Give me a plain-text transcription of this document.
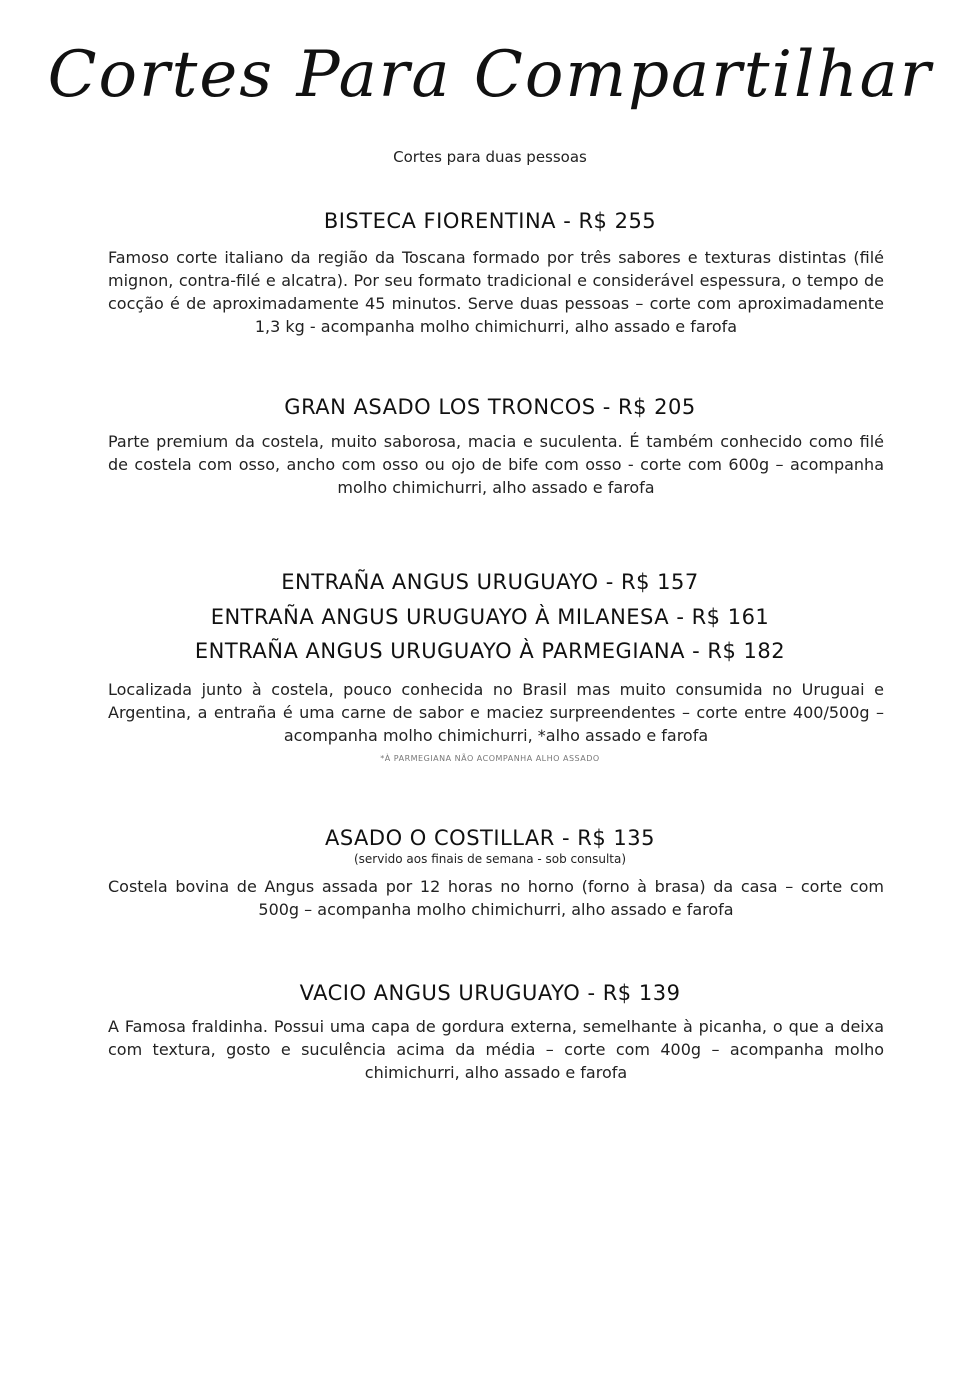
Cortes Para Compartilhar
Cortes para duas pessoas
BISTECA FIORENTINA - R$ 255

Famoso corte italiano da região da Toscana formado por três sabores e texturas distintas (filé mignon, contra-filé e alcatra). Por seu formato tradicional e considerável espessura, o tempo de cocção é de aproximadamente 45 minutos. Serve duas pessoas – corte com aproximadamente 1,3 kg - acompanha molho chimichurri, alho assado e farofa

GRAN ASADO LOS TRONCOS - R$ 205

Parte premium da costela, muito saborosa, macia e suculenta. É também conhecido como filé de costela com osso, ancho com osso ou ojo de bife com osso - corte com 600g – acompanha molho chimichurri, alho assado e farofa

ENTRAÑA ANGUS URUGUAYO - R$ 157
ENTRAÑA ANGUS URUGUAYO À MILANESA - R$ 161
ENTRAÑA ANGUS URUGUAYO À PARMEGIANA - R$ 182

Localizada junto à costela, pouco conhecida no Brasil mas muito consumida no Uruguai e Argentina, a entraña é uma carne de sabor e maciez surpreendentes – corte entre 400/500g – acompanha molho chimichurri, *alho assado e farofa

*À PARMEGIANA NÃO ACOMPANHA ALHO ASSADO
ASADO O COSTILLAR - R$ 135
(servido aos finais de semana - sob consulta)

Costela bovina de Angus assada por 12 horas no horno (forno à brasa) da casa – corte com 500g – acompanha molho chimichurri, alho assado e farofa

VACIO ANGUS URUGUAYO - R$ 139

A Famosa fraldinha. Possui uma capa de gordura externa, semelhante à picanha, o que a deixa com textura, gosto e suculência acima da média – corte com 400g – acompanha molho chimichurri, alho assado e farofa
